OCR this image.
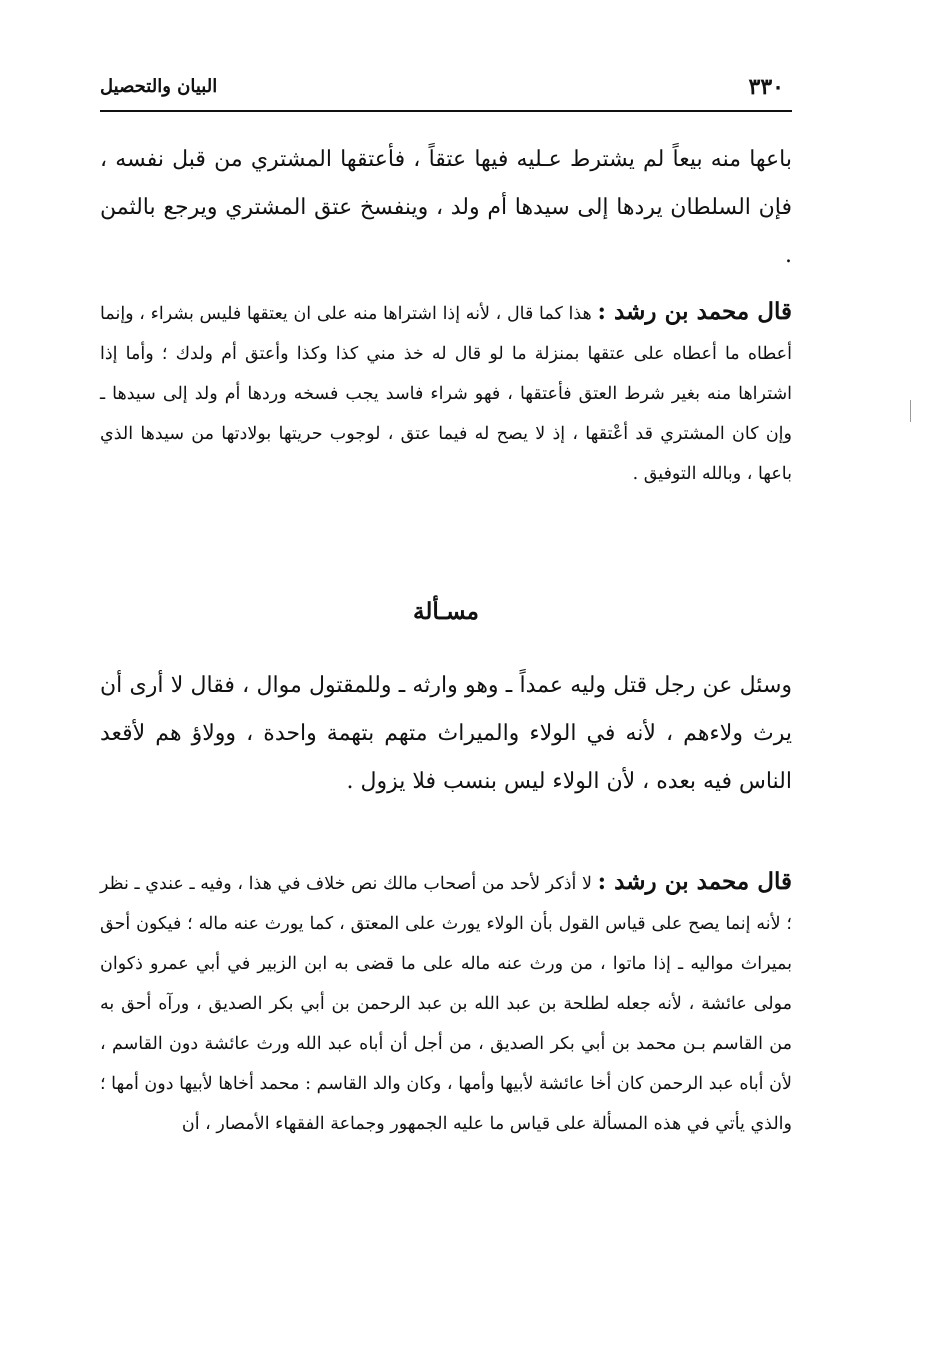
٣٣٠
البيان والتحصيل

باعها منه بيعاً لم يشترط عـليه فيها عتقاً ، فأعتقها المشتري من قبل نفسه ، فإن السلطان يردها إلى سيدها أم ولد ، وينفسخ عتق المشتري ويرجع بالثمن .

قال محمد بن رشد : هذا كما قال ، لأنه إذا اشتراها منه على ان يعتقها فليس بشراء ، وإنما أعطاه ما أعطاه على عتقها بمنزلة ما لو قال له خذ مني كذا وكذا وأعتق أم ولدك ؛ وأما إذا اشتراها منه بغير شرط العتق فأعتقها ، فهو شراء فاسد يجب فسخه وردها أم ولد إلى سيدها ـ وإن كان المشتري قد أعْتقها ، إذ لا يصح له فيما عتق ، لوجوب حريتها بولادتها من سيدها الذي باعها ، وبالله التوفيق .

مسـألة

وسئل عن رجل قتل وليه عمداً ـ وهو وارثه ـ وللمقتول موال ، فقال لا أرى أن يرث ولاءهم ، لأنه في الولاء والميراث متهم بتهمة واحدة ، وولاؤ هم لأقعد الناس فيه بعده ، لأن الولاء ليس بنسب فلا يزول .

قال محمد بن رشد : لا أذكر لأحد من أصحاب مالك نص خلاف في هذا ، وفيه ـ عندي ـ نظر ؛ لأنه إنما يصح على قياس القول بأن الولاء يورث على المعتق ، كما يورث عنه ماله ؛ فيكون أحق بميراث مواليه ـ إذا ماتوا ، من ورث عنه ماله على ما قضى به ابن الزبير في أبي عمرو ذكوان مولى عائشة ، لأنه جعله لطلحة بن عبد الله بن عبد الرحمن بن أبي بكر الصديق ، ورآه أحق به من القاسم بـن محمد بن أبي بكر الصديق ، من أجل أن أباه عبد الله ورث عائشة دون القاسم ، لأن أباه عبد الرحمن كان أخا عائشة لأبيها وأمها ، وكان والد القاسم : محمد أخاها لأبيها دون أمها ؛ والذي يأتي في هذه المسألة على قياس ما عليه الجمهور وجماعة الفقهاء الأمصار ، أن
